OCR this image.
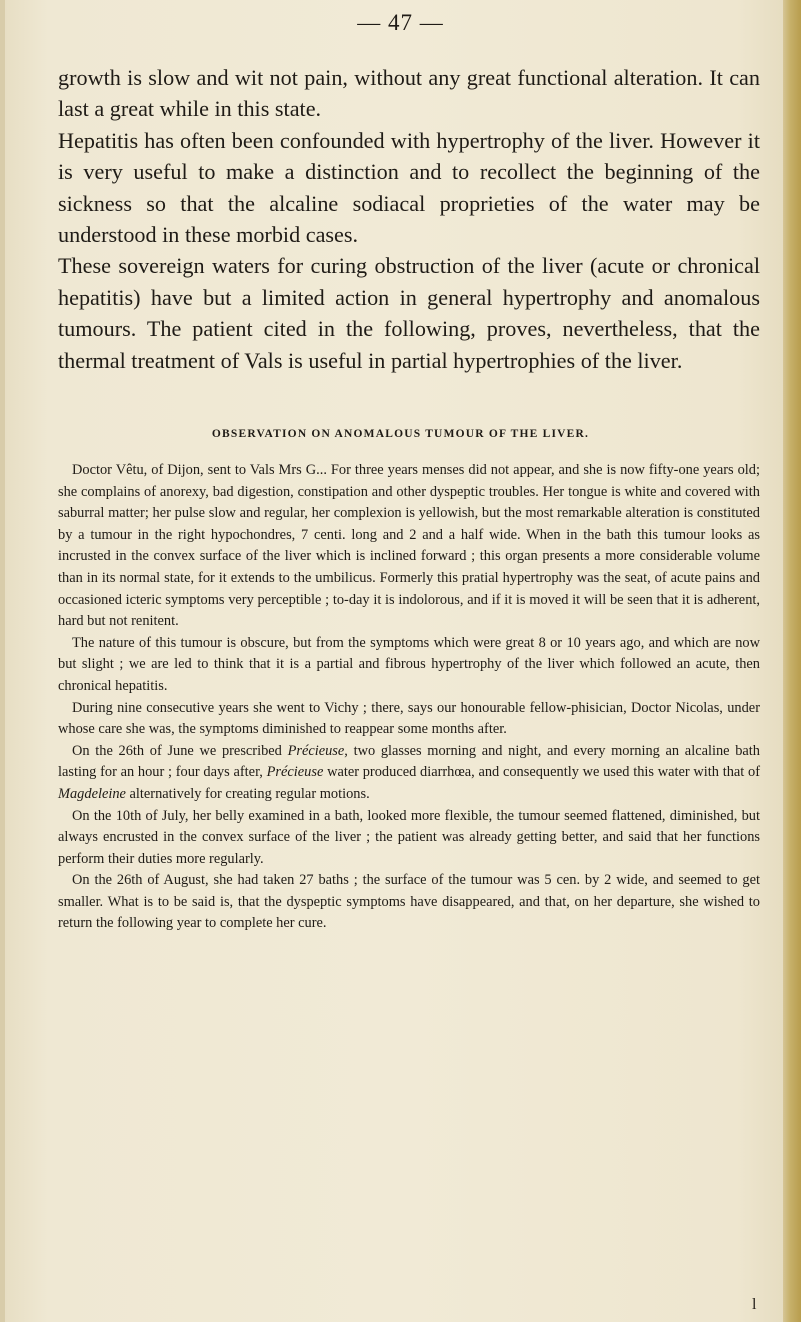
— 47 —

growth is slow and wit not pain, without any great functional alteration. It can last a great while in this state.

Hepatitis has often been confounded with hypertrophy of the liver. However it is very useful to make a distinction and to recollect the beginning of the sickness so that the alcaline sodiacal proprieties of the water may be understood in these morbid cases.

These sovereign waters for curing obstruction of the liver (acute or chronical hepatitis) have but a limited action in general hypertrophy and anomalous tumours. The patient cited in the following, proves, nevertheless, that the thermal treatment of Vals is useful in partial hypertrophies of the liver.

OBSERVATION ON ANOMALOUS TUMOUR OF THE LIVER.

Doctor Vêtu, of Dijon, sent to Vals Mrs G... For three years menses did not appear, and she is now fifty-one years old; she complains of anorexy, bad digestion, constipation and other dyspeptic troubles. Her tongue is white and covered with saburral matter; her pulse slow and regular, her complexion is yellowish, but the most remarkable alteration is constituted by a tumour in the right hypochondres, 7 centi. long and 2 and a half wide. When in the bath this tumour looks as incrusted in the convex surface of the liver which is inclined forward ; this organ presents a more considerable volume than in its normal state, for it extends to the umbilicus. Formerly this pratial hypertrophy was the seat, of acute pains and occasioned icteric symptoms very perceptible ; to-day it is indolorous, and if it is moved it will be seen that it is adherent, hard but not renitent.

The nature of this tumour is obscure, but from the symptoms which were great 8 or 10 years ago, and which are now but slight ; we are led to think that it is a partial and fibrous hypertrophy of the liver which followed an acute, then chronical hepatitis.

During nine consecutive years she went to Vichy ; there, says our honourable fellow-phisician, Doctor Nicolas, under whose care she was, the symptoms diminished to reappear some months after.

On the 26th of June we prescribed Précieuse, two glasses morning and night, and every morning an alcaline bath lasting for an hour ; four days after, Précieuse water produced diarrhœa, and consequently we used this water with that of Magdeleine alternatively for creating regular motions.

On the 10th of July, her belly examined in a bath, looked more flexible, the tumour seemed flattened, diminished, but always encrusted in the convex surface of the liver ; the patient was already getting better, and said that her functions perform their duties more regularly.

On the 26th of August, she had taken 27 baths ; the surface of the tumour was 5 cen. by 2 wide, and seemed to get smaller. What is to be said is, that the dyspeptic symptoms have disappeared, and that, on her departure, she wished to return the following year to complete her cure.

l
